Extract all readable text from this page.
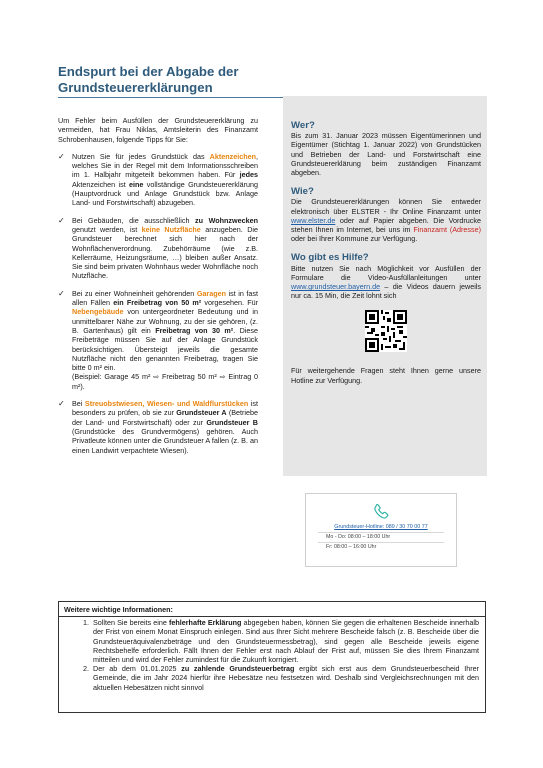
Endspurt bei der Abgabe der Grundsteuererklärungen

Um Fehler beim Ausfüllen der Grundsteuererklärung zu vermeiden, hat Frau Niklas, Amtsleiterin des Finanzamt Schrobenhausen, folgende Tipps für Sie:

✓ Nutzen Sie für jedes Grundstück das Aktenzeichen, welches Sie in der Regel mit dem Informationsschreiben im 1. Halbjahr mitgeteilt bekommen haben. Für jedes Aktenzeichen ist eine vollständige Grundsteuererklärung (Hauptvordruck und Anlage Grundstück bzw. Anlage Land- und Forstwirtschaft) abzugeben.

✓ Bei Gebäuden, die ausschließlich zu Wohnzwecken genutzt werden, ist keine Nutzfläche anzugeben. Die Grundsteuer berechnet sich hier nach der Wohnflächenverordnung. Zubehörräume (wie z.B. Kellerräume, Heizungsräume, …) bleiben außer Ansatz. Sie sind beim privaten Wohnhaus weder Wohnfläche noch Nutzfläche.

✓ Bei zu einer Wohneinheit gehörenden Garagen ist in fast allen Fällen ein Freibetrag von 50 m² vorgesehen. Für Nebengebäude von untergeordneter Bedeutung und in unmittelbarer Nähe zur Wohnung, zu der sie gehören, (z. B. Gartenhaus) gilt ein Freibetrag von 30 m². Diese Freibeträge müssen Sie auf der Anlage Grundstück berücksichtigen. Übersteigt jeweils die gesamte Nutzfläche nicht den genannten Freibetrag, tragen Sie bitte 0 m² ein.

(Beispiel: Garage 45 m² ⇨ Freibetrag 50 m² ⇨ Eintrag 0 m²).

✓ Bei Streuobstwiesen, Wiesen- und Waldflurstücken ist besonders zu prüfen, ob sie zur Grundsteuer A (Betriebe der Land- und Forstwirtschaft) oder zur Grundsteuer B (Grundstücke des Grundvermögens) gehören. Auch Privatleute können unter die Grundsteuer A fallen (z. B. an einen Landwirt verpachtete Wiesen).

Wer?

Bis zum 31. Januar 2023 müssen Eigentümerinnen und Eigentümer (Stichtag 1. Januar 2022) von Grundstücken und Betrieben der Land- und Forstwirtschaft eine Grundsteuererklärung beim zuständigen Finanzamt abgeben.

Wie?

Die Grundsteuererklärungen können Sie entweder elektronisch über ELSTER - Ihr Online Finanzamt unter www.elster.de oder auf Papier abgeben. Die Vordrucke stehen Ihnen im Internet, bei uns im Finanzamt (Adresse) oder bei Ihrer Kommune zur Verfügung.

Wo gibt es Hilfe?

Bitte nutzen Sie nach Möglichkeit vor Ausfüllen der Formulare die Video-Ausfüllanleitungen unter www.grundsteuer.bayern.de – die Videos dauern jeweils nur ca. 15 Min, die Zeit lohnt sich

Für weitergehende Fragen steht Ihnen gerne unsere Hotline zur Verfügung.

Grundsteuer-Hotline: 089 / 30 70 00 77
Mo - Do: 08:00 – 18:00 Uhr
Fr: 08:00 – 16:00 Uhr
Weitere wichtige Informationen:
1. Sollten Sie bereits eine fehlerhafte Erklärung abgegeben haben, können Sie gegen die erhaltenen Bescheide innerhalb der Frist von einem Monat Einspruch einlegen. Sind aus Ihrer Sicht mehrere Bescheide falsch (z. B. Bescheide über die Grundsteueräquivalenzbeträge und den Grundsteuermessbetrag), sind gegen alle Bescheide jeweils eigene Rechtsbehelfe erforderlich. Fällt Ihnen der Fehler erst nach Ablauf der Frist auf, müssen Sie dies Ihrem Finanzamt mitteilen und wird der Fehler zumindest für die Zukunft korrigiert.
2. Der ab dem 01.01.2025 zu zahlende Grundsteuerbetrag ergibt sich erst aus dem Grundsteuerbescheid Ihrer Gemeinde, die im Jahr 2024 hierfür ihre Hebesätze neu festsetzen wird. Deshalb sind Vergleichsrechnungen mit den aktuellen Hebesätzen nicht sinnvol
